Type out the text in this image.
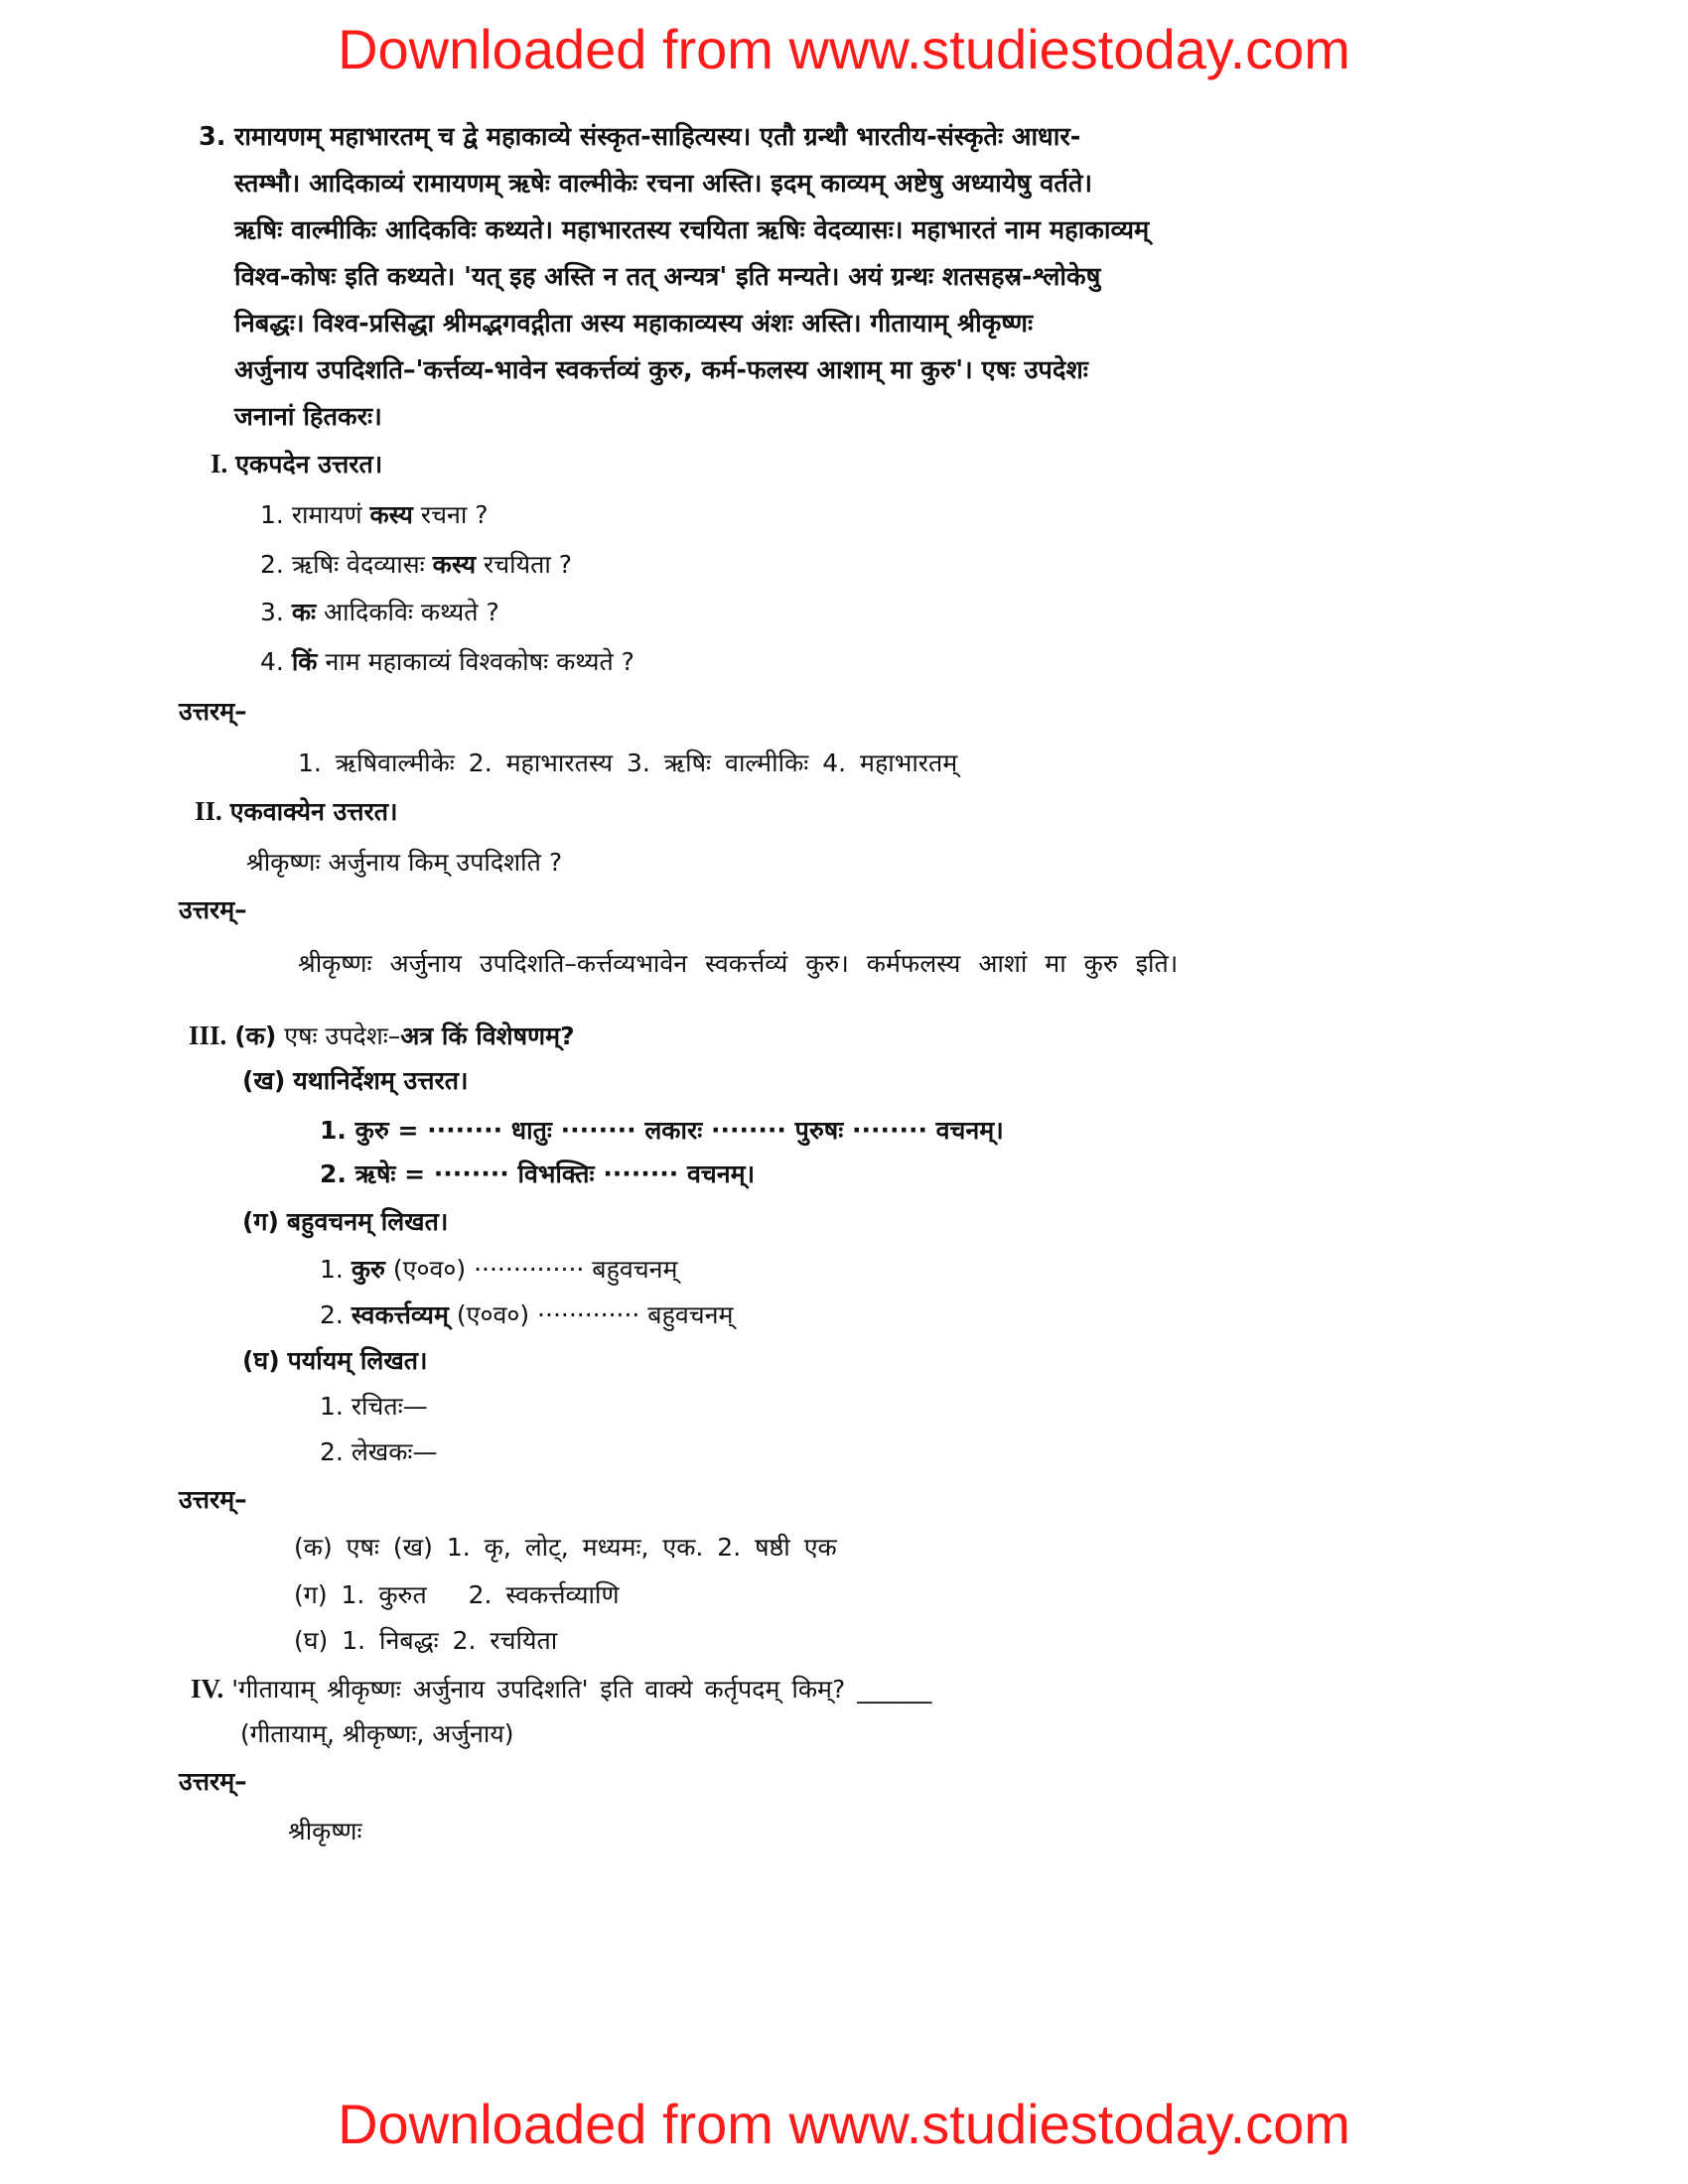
Downloaded from www.studiestoday.com
3. रामायणम् महाभारतम् च द्वे महाकाव्ये संस्कृत-साहित्यस्य। एतौ ग्रन्थौ भारतीय-संस्कृतेः आधार-
स्तम्भौ। आदिकाव्यं रामायणम् ऋषेः वाल्मीकेः रचना अस्ति। इदम् काव्यम् अष्टेषु अध्यायेषु वर्तते।
ऋषिः वाल्मीकिः आदिकविः कथ्यते। महाभारतस्य रचयिता ऋषिः वेदव्यासः। महाभारतं नाम महाकाव्यम्
विश्व-कोषः इति कथ्यते। 'यत् इह अस्ति न तत् अन्यत्र' इति मन्यते। अयं ग्रन्थः शतसहस्र-श्लोकेषु
निबद्धः। विश्व-प्रसिद्धा श्रीमद्भगवद्गीता अस्य महाकाव्यस्य अंशः अस्ति। गीतायाम् श्रीकृष्णः
अर्जुनाय उपदिशति–'कर्त्तव्य-भावेन स्वकर्त्तव्यं कुरु, कर्म-फलस्य आशाम् मा कुरु'। एषः उपदेशः
जनानां हितकरः।
I. एकपदेन उत्तरत।
1. रामायणं कस्य रचना ?
2. ऋषिः वेदव्यासः कस्य रचयिता ?
3. कः आदिकविः कथ्यते ?
4. किं नाम महाकाव्यं विश्वकोषः कथ्यते ?
उत्तरम्–
1. ऋषिवाल्मीकेः 2. महाभारतस्य 3. ऋषिः वाल्मीकिः 4. महाभारतम्
II. एकवाक्येन उत्तरत।
श्रीकृष्णः अर्जुनाय किम् उपदिशति ?
उत्तरम्–
श्रीकृष्णः अर्जुनाय उपदिशति–कर्त्तव्यभावेन स्वकर्त्तव्यं कुरु। कर्मफलस्य आशां मा कुरु इति।
III. (क) एषः उपदेशः–अत्र किं विशेषणम्?
(ख) यथानिर्देशम् उत्तरत।
1. कुरु = ········ धातुः ········ लकारः ········ पुरुषः ········ वचनम्।
2. ऋषेः = ········ विभक्तिः ········ वचनम्।
(ग) बहुवचनम् लिखत।
1. कुरु (ए०व०) ·············· बहुवचनम्
2. स्वकर्त्तव्यम् (ए०व०) ············· बहुवचनम्
(घ) पर्यायम् लिखत।
1. रचितः—
2. लेखकः—
उत्तरम्–
(क) एषः (ख) 1. कृ, लोट्, मध्यमः, एक. 2. षष्ठी एक
(ग) 1. कुरुत   2. स्वकर्त्तव्याणि
(घ) 1. निबद्धः 2. रचयिता
IV. 'गीतायाम् श्रीकृष्णः अर्जुनाय उपदिशति' इति वाक्ये कर्तृपदम् किम्? ______
(गीतायाम्, श्रीकृष्णः, अर्जुनाय)
उत्तरम्–
श्रीकृष्णः
Downloaded from www.studiestoday.com
